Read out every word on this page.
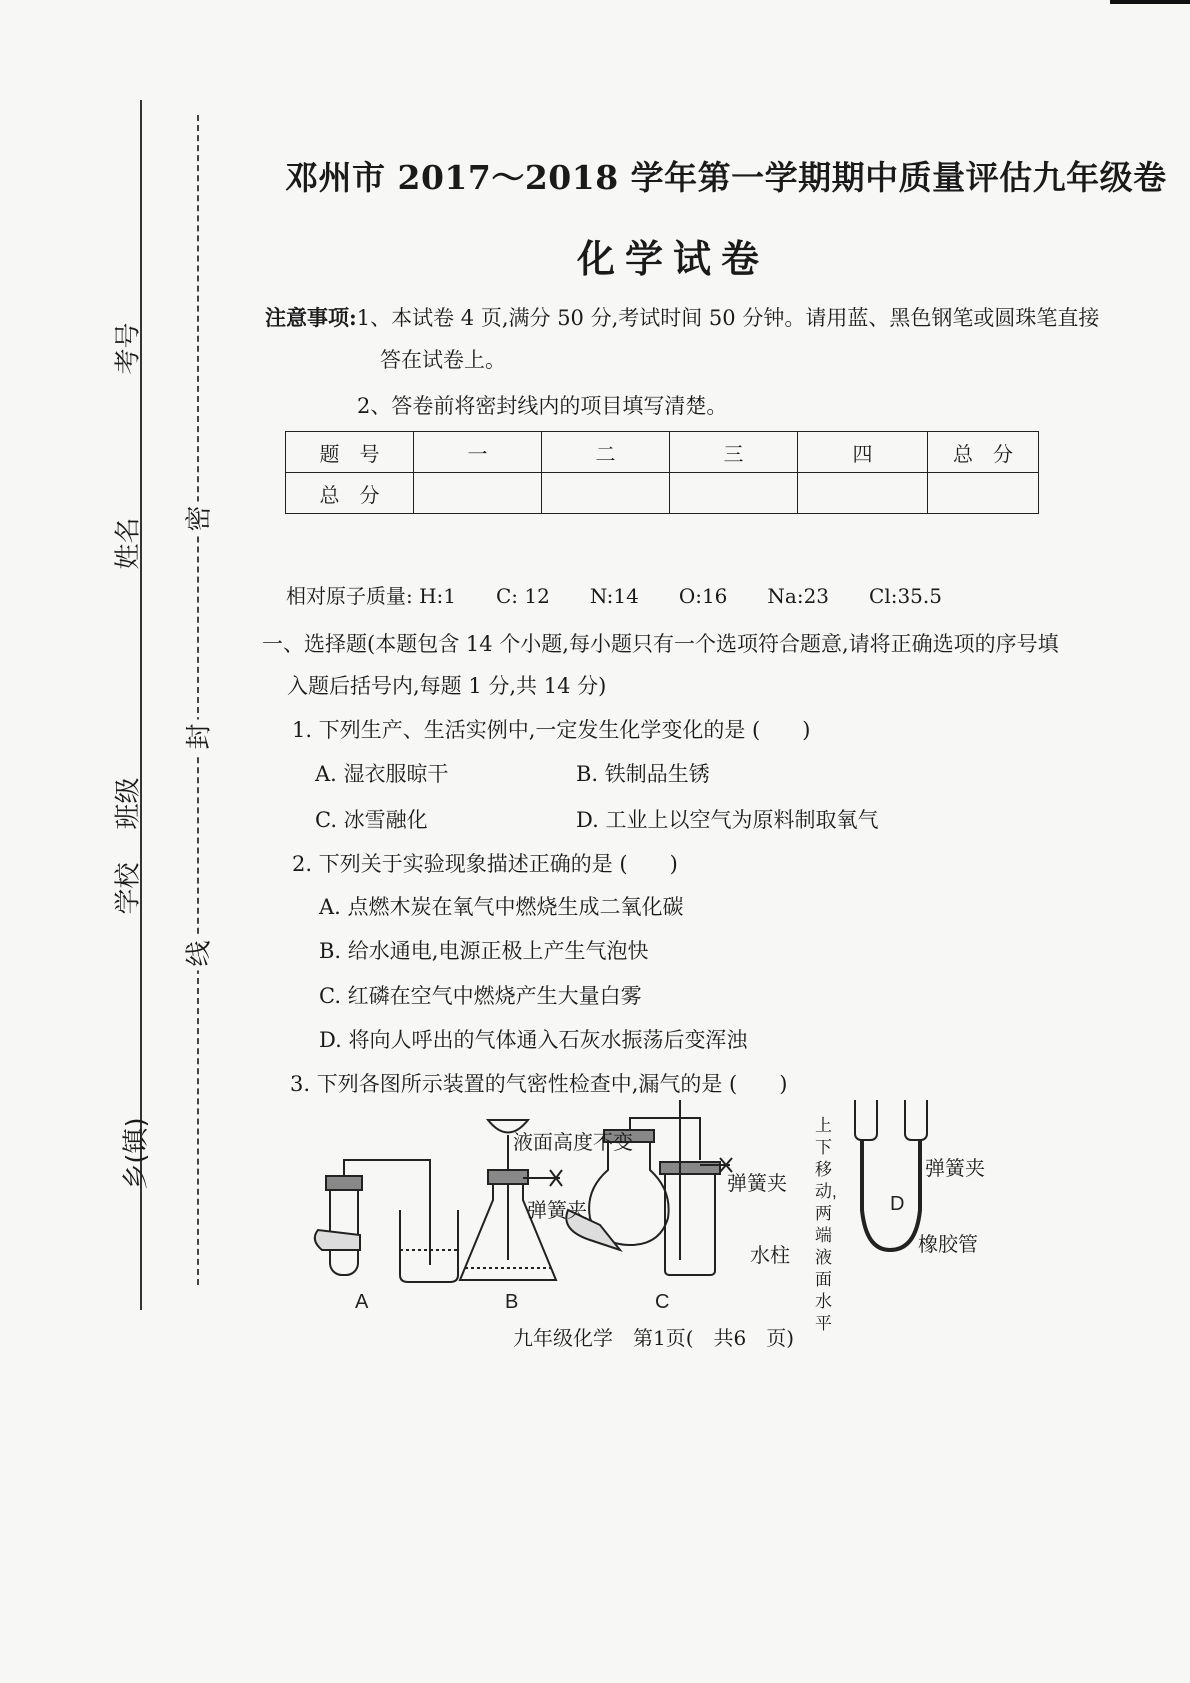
考号
姓名
班级
学校
乡(镇)
密
封
线
邓州市 2017～2018 学年第一学期期中质量评估九年级卷
化学试卷
注意事项:1、本试卷 4 页,满分 50 分,考试时间 50 分钟。请用蓝、黑色钢笔或圆珠笔直接
答在试卷上。
2、答卷前将密封线内的项目填写清楚。
题　号	一	二	三	四	总　分
总　分					
相对原子质量: H:1　　C: 12　　N:14　　O:16　　Na:23　　Cl:35.5
一、选择题(本题包含 14 个小题,每小题只有一个选项符合题意,请将正确选项的序号填
入题后括号内,每题 1 分,共 14 分)
1. 下列生产、生活实例中,一定发生化学变化的是 (　　)
A. 湿衣服晾干	B. 铁制品生锈
C. 冰雪融化	D. 工业上以空气为原料制取氧气
2. 下列关于实验现象描述正确的是 (　　)
A. 点燃木炭在氧气中燃烧生成二氧化碳
B. 给水通电,电源正极上产生气泡快
C. 红磷在空气中燃烧产生大量白雾
D. 将向人呼出的气体通入石灰水振荡后变浑浊
3. 下列各图所示装置的气密性检查中,漏气的是 (　　)
A	B	C
D
液面高度不变
弹簧夹
弹簧夹
水柱
上下移动,两端液面水平
弹簧夹
橡胶管
九年级化学　第1页(　共6　页)
